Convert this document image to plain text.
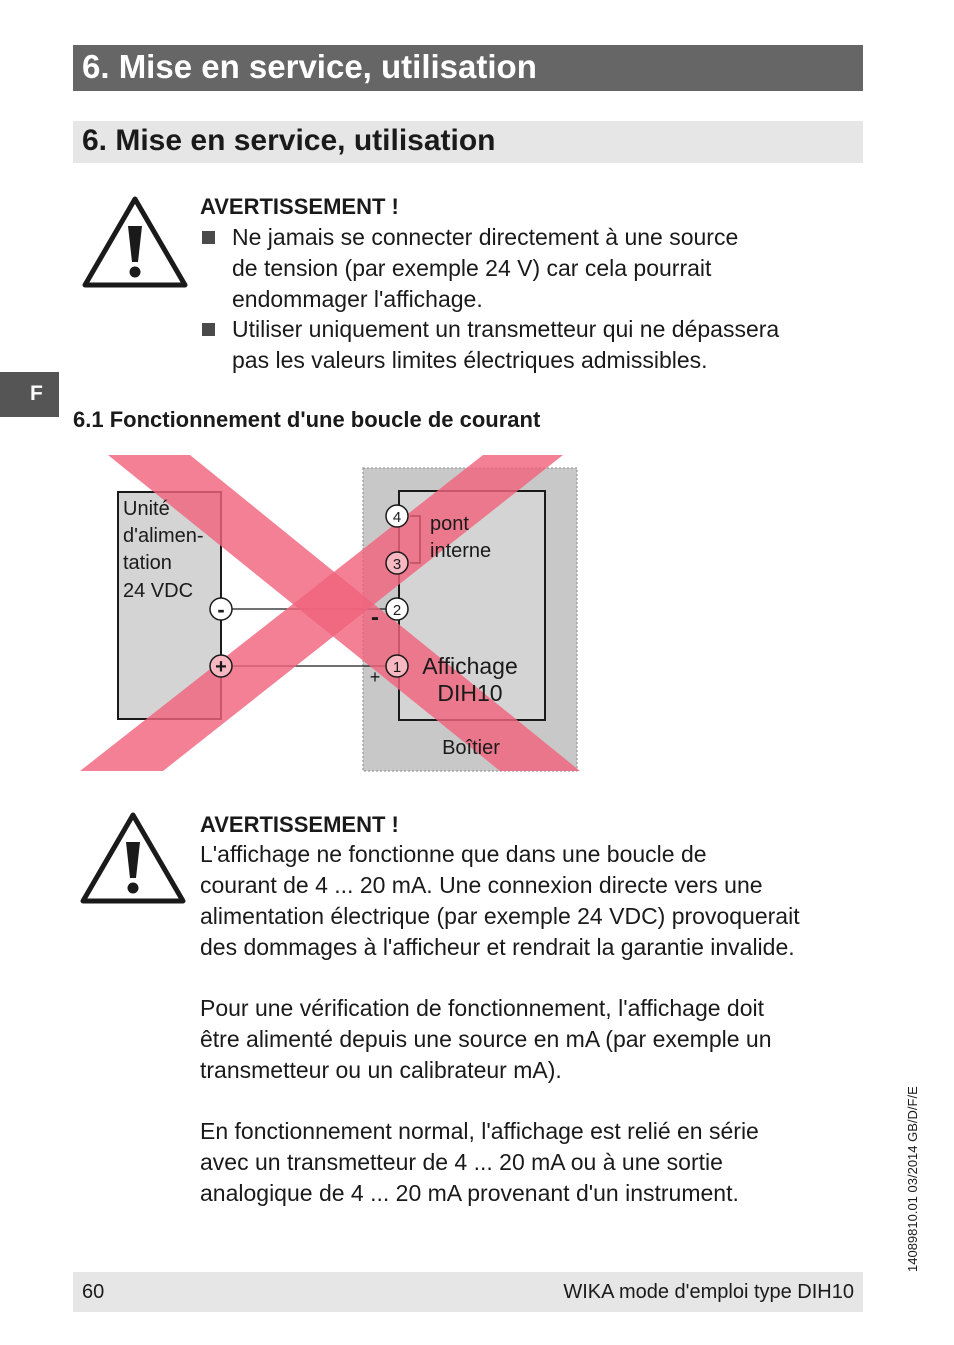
6. Mise en service, utilisation
6. Mise en service, utilisation
F
AVERTISSEMENT !
Ne jamais se connecter directement à une source
de tension (par exemple 24 V) car cela pourrait
endommager l'affichage.
Utiliser uniquement un transmetteur qui ne dépassera
pas les valeurs limites électriques admissibles.
6.1 Fonctionnement d'une boucle de courant
4
3
2
1
-
+
-
+
Unité
d'alimen-
tation
24 VDC
pont
interne
Affichage
DIH10
Boîtier
AVERTISSEMENT !
L'affichage ne fonctionne que dans une boucle de
courant de 4 ... 20 mA. Une connexion directe vers une
alimentation électrique (par exemple 24 VDC) provoquerait
des dommages à l'afficheur et rendrait la garantie invalide.
Pour une vérification de fonctionnement, l'affichage doit
être alimenté depuis une source en mA (par exemple un
transmetteur ou un calibrateur mA).
En fonctionnement normal, l'affichage est relié en série
avec un transmetteur de 4 ... 20 mA ou à une sortie
analogique de 4 ... 20 mA provenant d'un instrument.	14089810.01 03/2014 GB/D/F/E
60	WIKA mode d'emploi type DIH10
